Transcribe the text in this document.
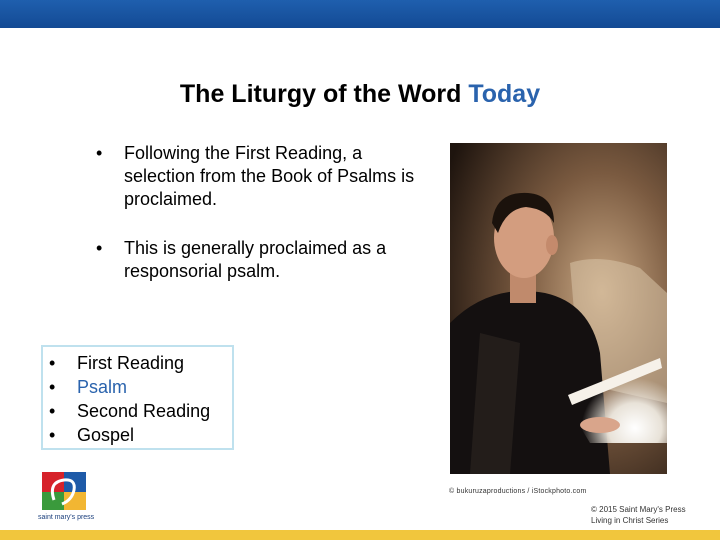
The Liturgy of the Word Today
• Following the First Reading, a selection from the Book of Psalms is proclaimed.
• This is generally proclaimed as a responsorial psalm.
• First Reading
• Psalm
• Second Reading
• Gospel
© bukuruzaproductions / iStockphoto.com
saint mary's press
© 2015 Saint Mary's Press
Living in Christ Series
